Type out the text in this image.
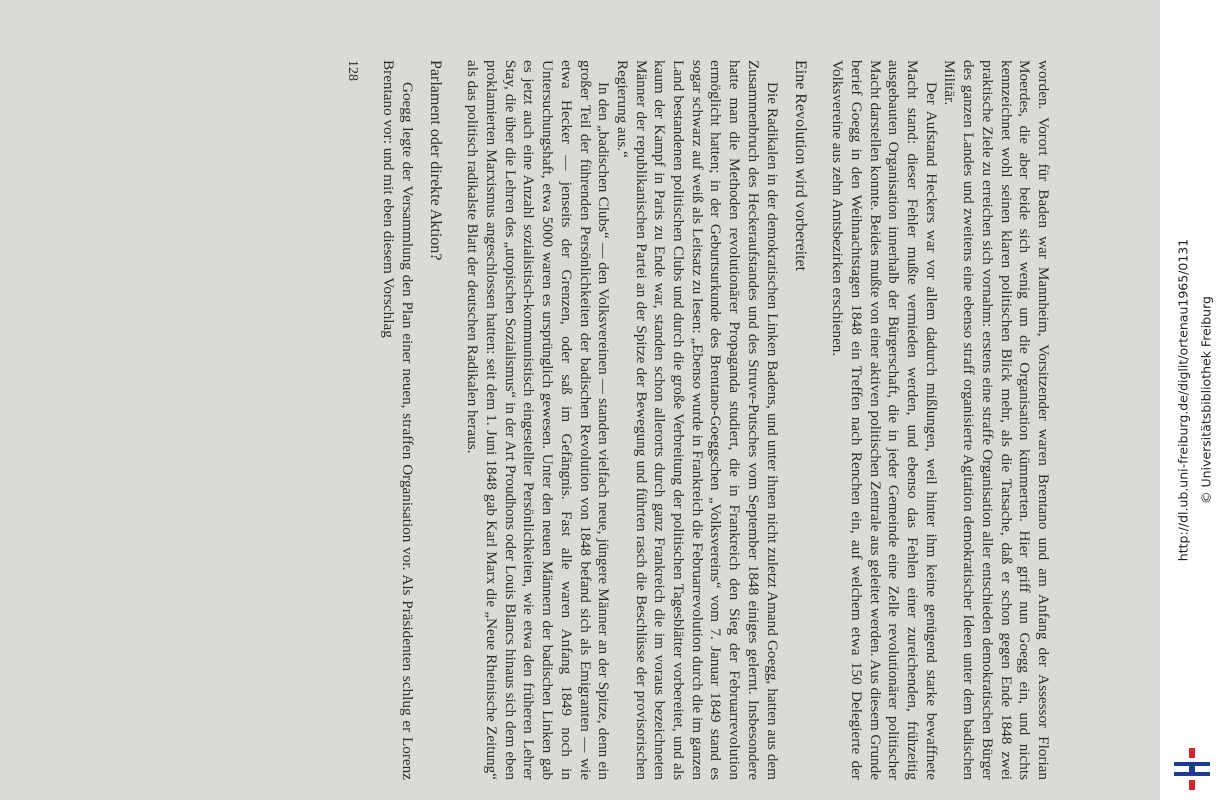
worden. Vorort für Baden war Mannheim, Vorsitzender waren Brentano und am Anfang der Assessor Florian Moerdes, die aber beide sich wenig um die Organisation kümmerten. Hier griff nun Goegg ein, und nichts kennzeichnet wohl seinen klaren politischen Blick mehr, als die Tatsache, daß er schon gegen Ende 1848 zwei praktische Ziele zu erreichen sich vornahm: erstens eine straffe Organisation aller entschieden demokratischen Bürger des ganzen Landes und zweitens eine ebenso straff organisierte Agitation demokratischer Ideen unter dem badischen Militär.

Der Aufstand Heckers war vor allem dadurch mißlungen, weil hinter ihm keine genügend starke bewaffnete Macht stand: dieser Fehler mußte vermieden werden, und ebenso das Fehlen einer zureichenden, frühzeitig ausgebauten Organisation innerhalb der Bürgerschaft, die in jeder Gemeinde eine Zelle revolutionärer politischer Macht darstellen konnte. Beides mußte von einer aktiven politischen Zentrale aus geleitet werden. Aus diesem Grunde berief Goegg in den Weihnachtstagen 1848 ein Treffen nach Renchen ein, auf welchem etwa 150 Delegierte der Volksvereine aus zehn Amtsbezirken erschienen.

Eine Revolution wird vorbereitet

Die Radikalen in der demokratischen Linken Badens, und unter ihnen nicht zuletzt Amand Goegg, hatten aus dem Zusammenbruch des Heckeraufstandes und des Struve-Putsches vom September 1848 einiges gelernt. Insbesondere hatte man die Methoden revolutionärer Propaganda studiert, die in Frankreich den Sieg der Februarrevolution ermöglicht hatten; in der Geburtsurkunde des Brentano-Goeggschen „Volksvereins“ vom 7. Januar 1849 stand es sogar schwarz auf weiß als Leitsatz zu lesen: „Ebenso wurde in Frankreich die Februarrevolution durch die im ganzen Land bestandenen politischen Clubs und durch die große Verbreitung der politischen Tagesblätter vorbereitet, und als kaum der Kampf in Paris zu Ende war, standen schon allerorts durch ganz Frankreich die im voraus bezeichneten Männer der republikanischen Partei an der Spitze der Bewegung und führten rasch die Beschlüsse der provisorischen Regierung aus.“

In den „badischen Clubs“ — den Volksvereinen — standen vielfach neue, jüngere Männer an der Spitze, denn ein großer Teil der führenden Persönlichkeiten der badischen Revolution von 1848 befand sich als Emigranten — wie etwa Hecker — jenseits der Grenzen, oder saß im Gefängnis. Fast alle waren Anfang 1849 noch in Untersuchungshaft, etwa 5000 waren es ursprünglich gewesen. Unter den neuen Männern der badischen Linken gab es jetzt auch eine Anzahl sozialistisch-kommunistisch eingestellter Persönlichkeiten, wie etwa den früheren Lehrer Stay, die über die Lehren des „utopischen Sozialismus“ in der Art Proudhons oder Louis Blancs hinaus sich dem eben proklamierten Marxismus angeschlossen hatten: seit dem 1. Juni 1848 gab Karl Marx die „Neue Rheinische Zeitung“ als das politisch radikalste Blatt der deutschen Radikalen heraus.

Parlament oder direkte Aktion?

Goegg legte der Versammlung den Plan einer neuen, straffen Organisation vor. Als Präsidenten schlug er Lorenz Brentano vor: und mit eben diesem Vorschlag

128

http://dl.ub.uni-freiburg.de/diglit/ortenau1965/0131 © Universitätsbibliothek Freiburg
